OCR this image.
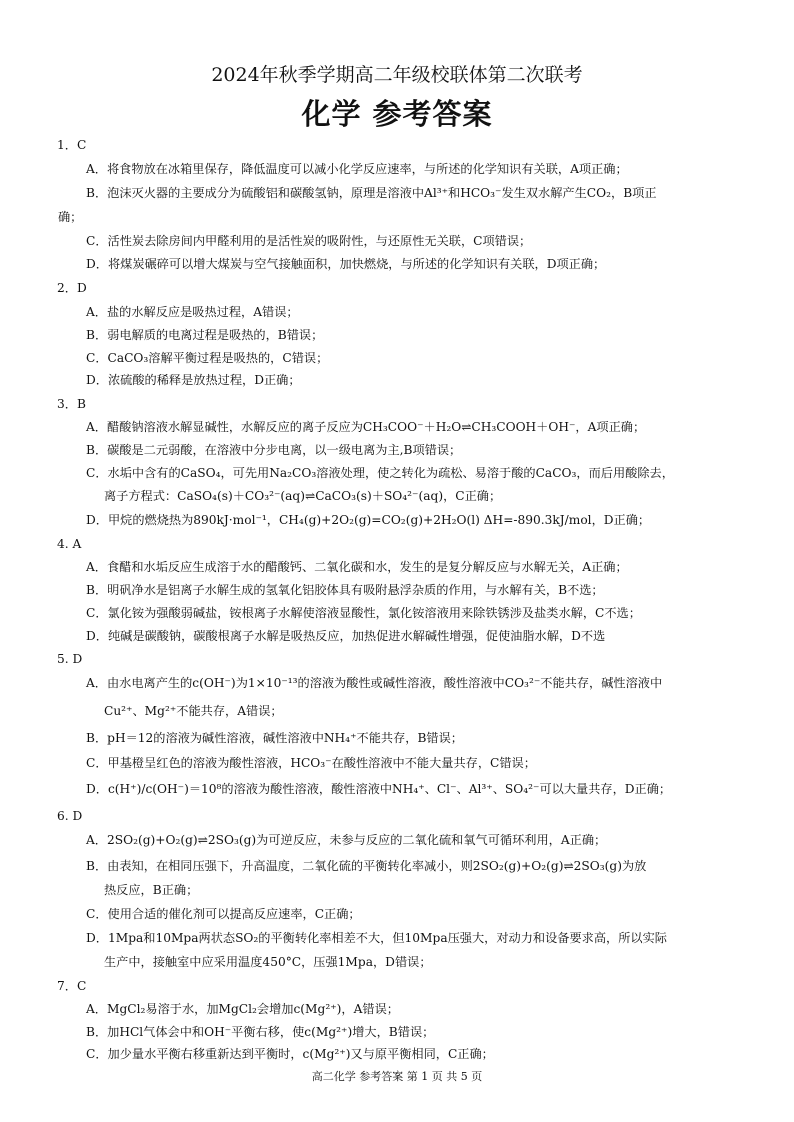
2024年秋季学期高二年级校联体第二次联考
化学 参考答案
1．C
A．将食物放在冰箱里保存，降低温度可以减小化学反应速率，与所述的化学知识有关联，A项正确；
B．泡沫灭火器的主要成分为硫酸铝和碳酸氢钠，原理是溶液中Al³⁺和HCO₃⁻发生双水解产生CO₂，B项正
确；
C．活性炭去除房间内甲醛利用的是活性炭的吸附性，与还原性无关联，C项错误；
D．将煤炭碾碎可以增大煤炭与空气接触面积，加快燃烧，与所述的化学知识有关联，D项正确；
2．D
A．盐的水解反应是吸热过程，A错误；
B．弱电解质的电离过程是吸热的，B错误；
C．CaCO₃溶解平衡过程是吸热的，C错误；
D．浓硫酸的稀释是放热过程，D正确；
3．B
A．醋酸钠溶液水解显碱性，水解反应的离子反应为CH₃COO⁻＋H₂O⇌CH₃COOH＋OH⁻，A项正确；
B．碳酸是二元弱酸，在溶液中分步电离，以一级电离为主,B项错误；
C．水垢中含有的CaSO₄，可先用Na₂CO₃溶液处理，使之转化为疏松、易溶于酸的CaCO₃，而后用酸除去，
离子方程式：CaSO₄(s)＋CO₃²⁻(aq)⇌CaCO₃(s)＋SO₄²⁻(aq)，C正确；
D．甲烷的燃烧热为890kJ·mol⁻¹，CH₄(g)+2O₂(g)=CO₂(g)+2H₂O(l) ΔH=-890.3kJ/mol，D正确；
4. A
A．食醋和水垢反应生成溶于水的醋酸钙、二氧化碳和水，发生的是复分解反应与水解无关，A正确；
B．明矾净水是铝离子水解生成的氢氧化铝胶体具有吸附悬浮杂质的作用，与水解有关，B不选；
C．氯化铵为强酸弱碱盐，铵根离子水解使溶液显酸性，氯化铵溶液用来除铁锈涉及盐类水解，C不选；
D．纯碱是碳酸钠，碳酸根离子水解是吸热反应，加热促进水解碱性增强，促使油脂水解，D不选
5. D
A．由水电离产生的c(OH⁻)为1×10⁻¹³的溶液为酸性或碱性溶液，酸性溶液中CO₃²⁻不能共存，碱性溶液中
Cu²⁺、Mg²⁺不能共存，A错误；
B．pH＝12的溶液为碱性溶液，碱性溶液中NH₄⁺不能共存，B错误；
C．甲基橙呈红色的溶液为酸性溶液，HCO₃⁻在酸性溶液中不能大量共存，C错误；
D．c(H⁺)/c(OH⁻)＝10⁸的溶液为酸性溶液，酸性溶液中NH₄⁺、Cl⁻、Al³⁺、SO₄²⁻可以大量共存，D正确；
6. D
A．2SO₂(g)+O₂(g)⇌2SO₃(g)为可逆反应，未参与反应的二氧化硫和氧气可循环利用，A正确；
B．由表知，在相同压强下，升高温度，二氧化硫的平衡转化率减小，则2SO₂(g)+O₂(g)⇌2SO₃(g)为放
热反应，B正确；
C．使用合适的催化剂可以提高反应速率，C正确；
D．1Mpa和10Mpa两状态SO₂的平衡转化率相差不大，但10Mpa压强大，对动力和设备要求高，所以实际
生产中，接触室中应采用温度450°C，压强1Mpa，D错误；
7．C
A．MgCl₂易溶于水，加MgCl₂会增加c(Mg²⁺)，A错误；
B．加HCl气体会中和OH⁻平衡右移，使c(Mg²⁺)增大，B错误；
C．加少量水平衡右移重新达到平衡时，c(Mg²⁺)又与原平衡相同，C正确；
高二化学 参考答案 第 1 页 共 5 页
